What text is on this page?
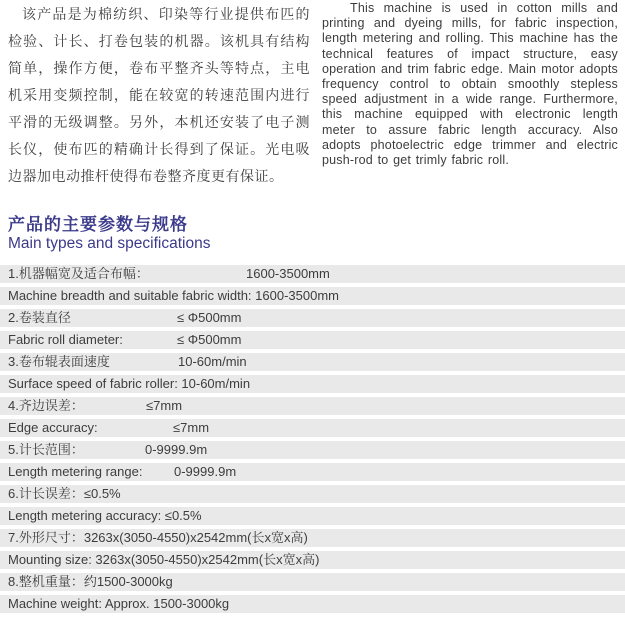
该产品是为棉纺织、印染等行业提供布匹的检验、计长、打卷包装的机器。该机具有结构简单，操作方便，卷布平整齐头等特点，主电机采用变频控制，能在较宽的转速范围内进行平滑的无级调整。另外，本机还安装了电子测长仪，使布匹的精确计长得到了保证。光电吸边器加电动推杆使得布卷整齐度更有保证。

This machine is used in cotton mills and printing and dyeing mills, for fabric inspection, length metering and rolling. This machine has the technical features of impact structure, easy operation and trim fabric edge. Main motor adopts frequency control to obtain smoothly stepless speed adjustment in a wide range. Furthermore, this machine equipped with electronic length meter to assure fabric length accuracy. Also adopts photoelectric edge trimmer and electric push-rod to get trimly fabric roll.

产品的主要参数与规格
Main types and specifications
1.机器幅宽及适合布幅：	1600-3500mm
Machine breadth and suitable fabric width: 1600-3500mm
2.卷装直径	≤ Φ500mm
Fabric roll diameter:	≤ Φ500mm
3.卷布辊表面速度	10-60m/min
Surface speed of fabric roller: 10-60m/min
4.齐边误差：	≤7mm
Edge accuracy:	≤7mm
5.计长范围：	0-9999.9m
Length metering range: 0-9999.9m
6.计长误差：≤0.5%
Length metering accuracy: ≤0.5%
7.外形尺寸：3263x(3050-4550)x2542mm(长x宽x高)
Mounting size: 3263x(3050-4550)x2542mm(长x宽x高)
8.整机重量：约1500-3000kg
Machine weight: Approx. 1500-3000kg
